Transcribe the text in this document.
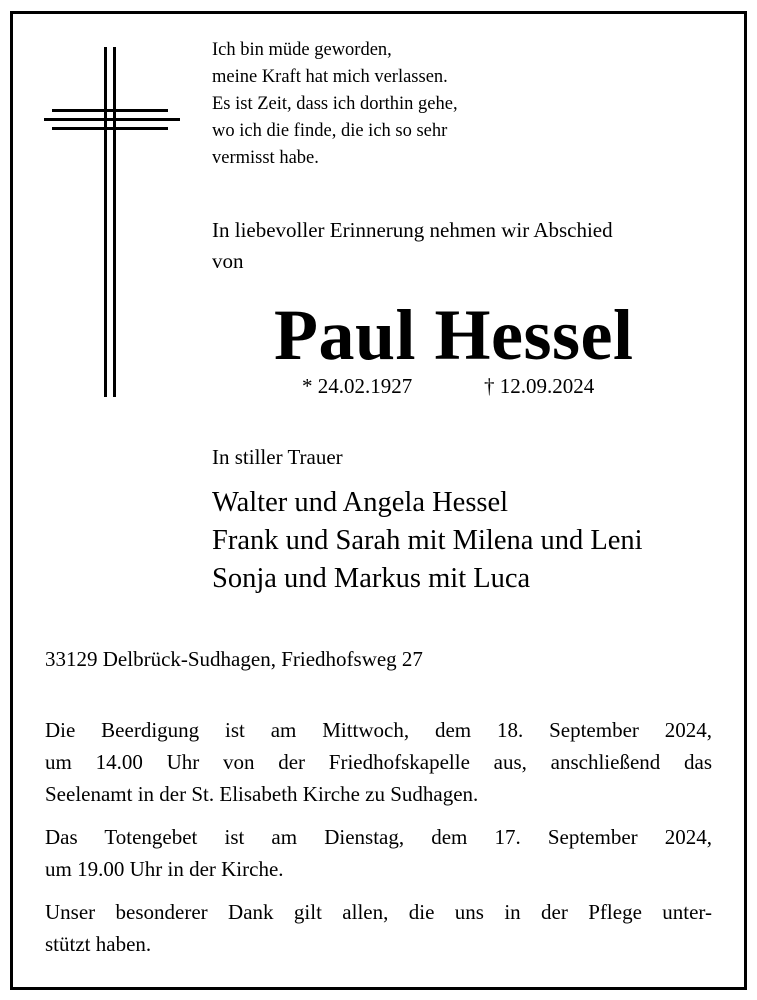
Ich bin müde geworden,
meine Kraft hat mich verlassen.
Es ist Zeit, dass ich dorthin gehe,
wo ich die finde, die ich so sehr
vermisst habe.
In liebevoller Erinnerung nehmen wir Abschied
von
Paul Hessel
* 24.02.1927	† 12.09.2024
In stiller Trauer
Walter und Angela Hessel
Frank und Sarah mit Milena und Leni
Sonja und Markus mit Luca
33129 Delbrück-Sudhagen, Friedhofsweg 27
Die Beerdigung ist am Mittwoch, dem 18. September 2024,
um 14.00 Uhr von der Friedhofskapelle aus, anschließend das
Seelenamt in der St. Elisabeth Kirche zu Sudhagen.
Das Totengebet ist am Dienstag, dem 17. September 2024,
um 19.00 Uhr in der Kirche.
Unser besonderer Dank gilt allen, die uns in der Pflege unter-
stützt haben.
